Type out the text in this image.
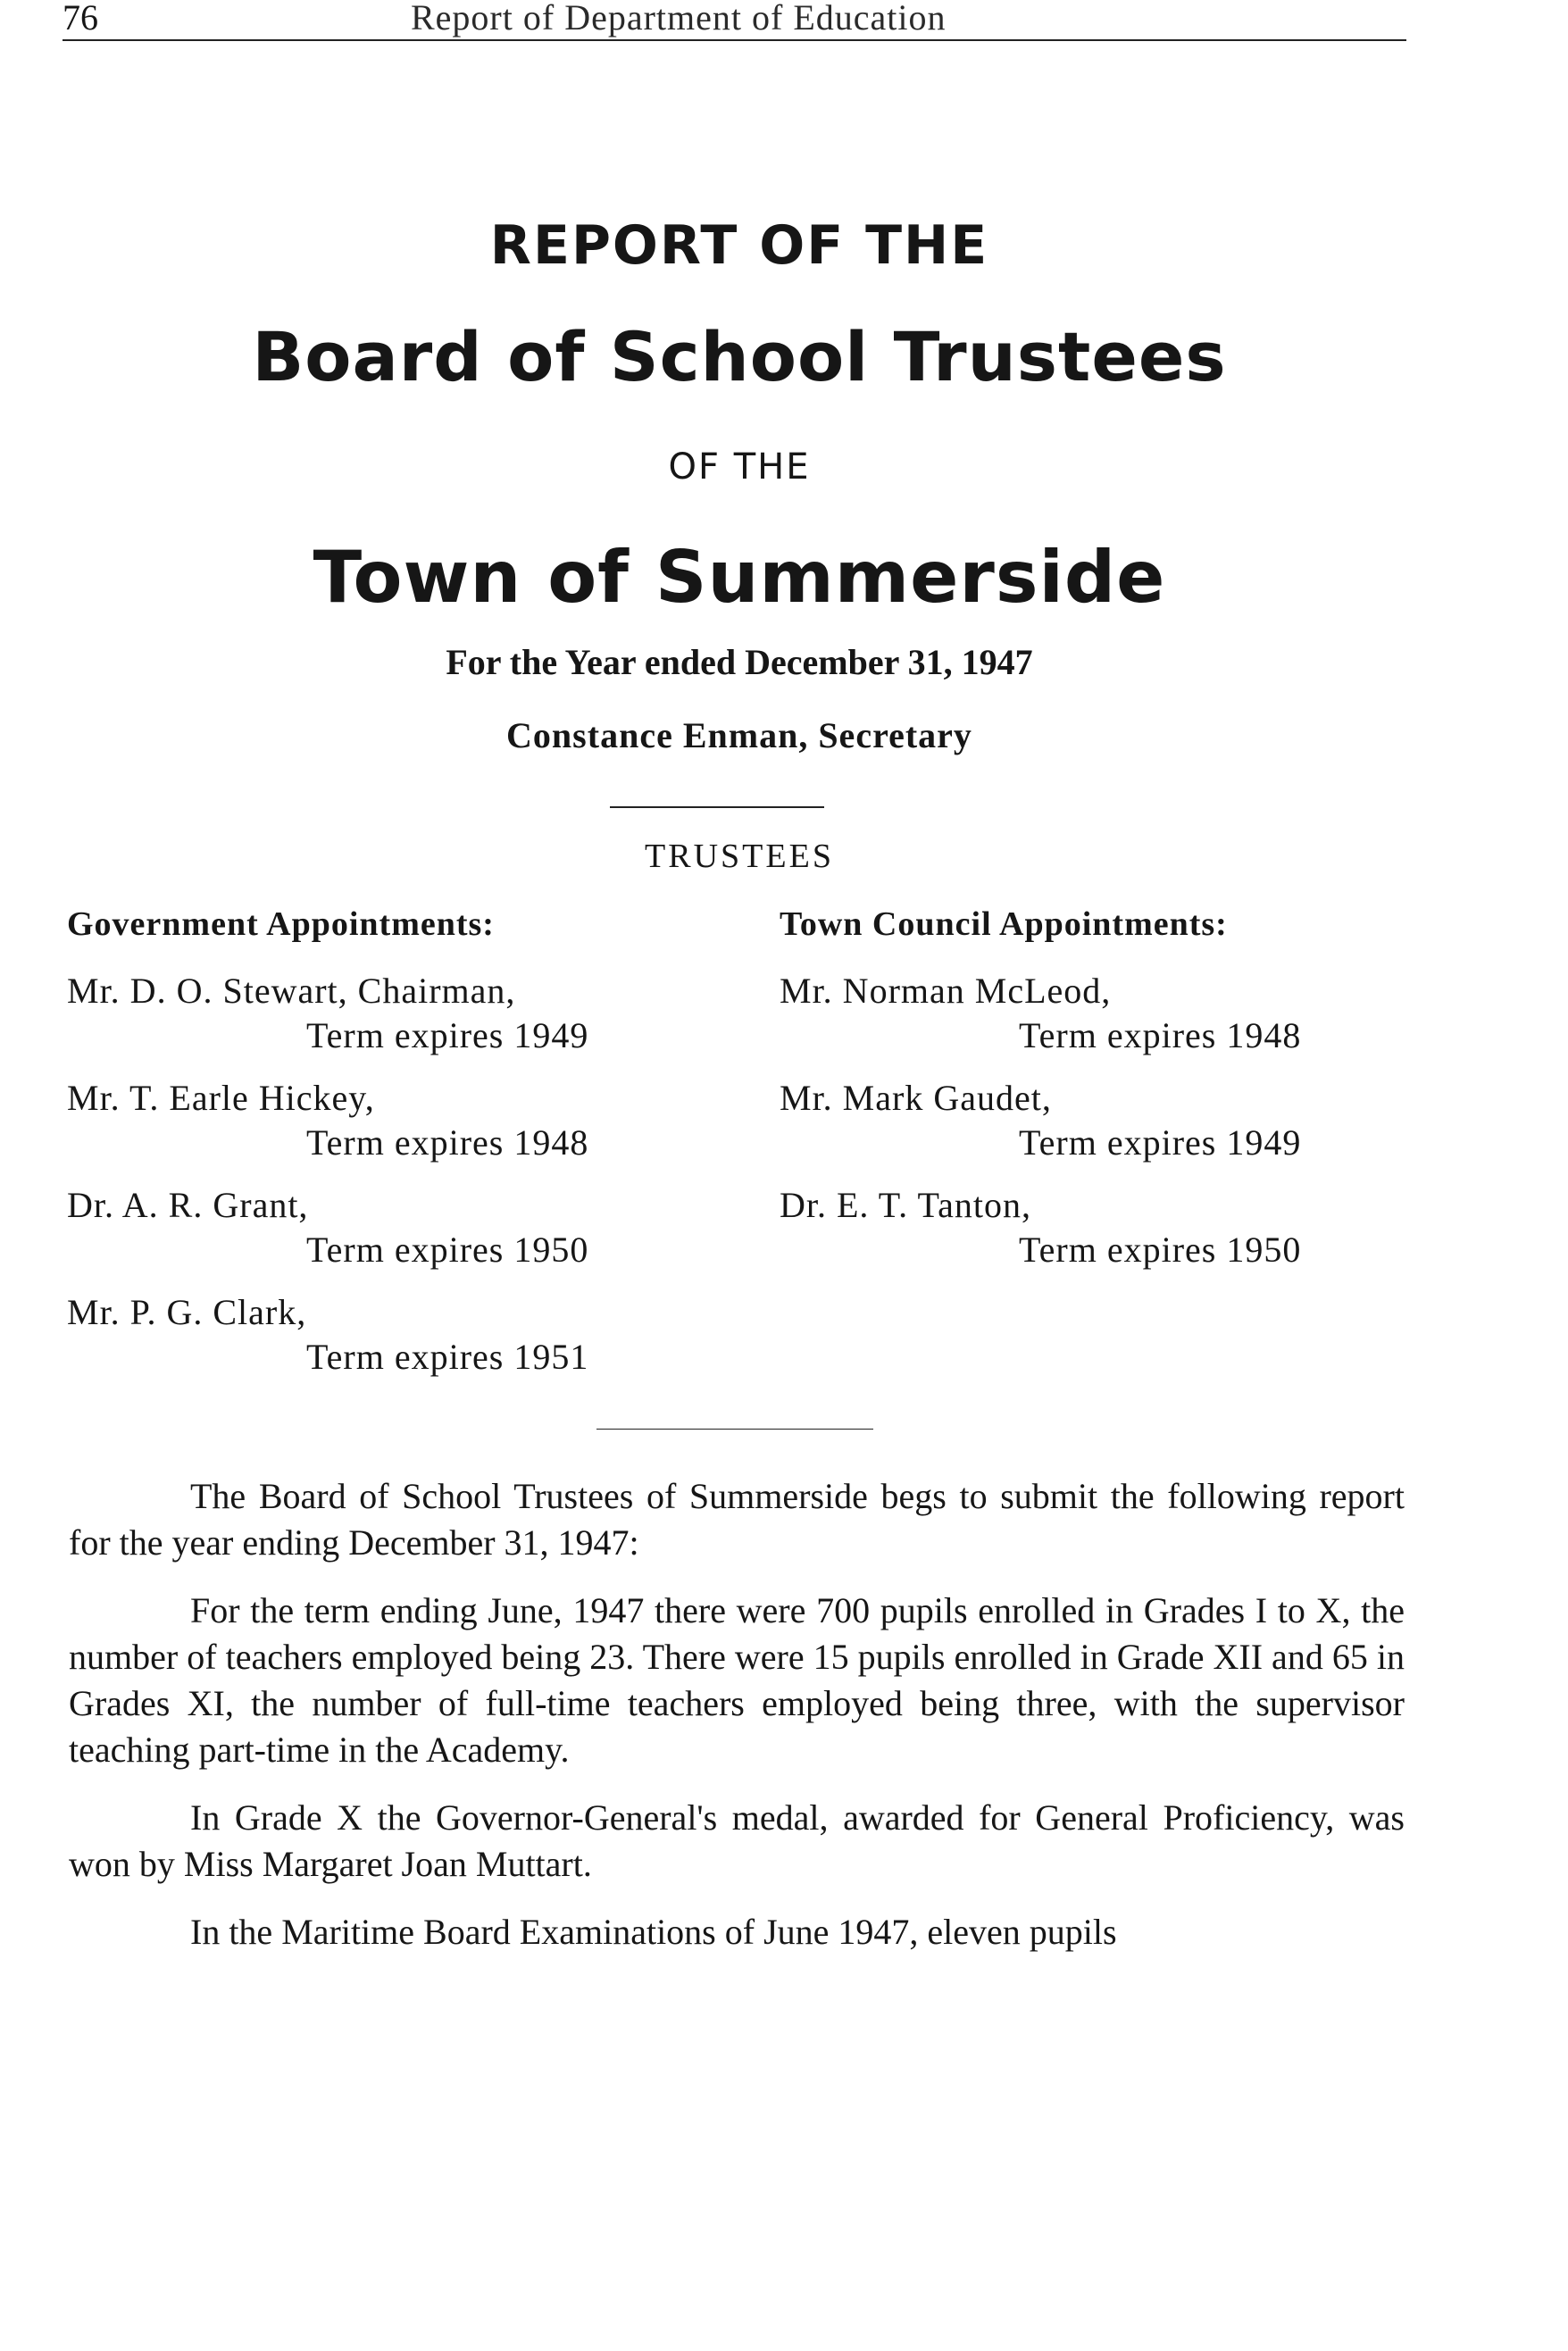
76	Report of Department of Education
REPORT OF THE
Board of School Trustees
OF THE
Town of Summerside
For the Year ended December 31, 1947
Constance Enman, Secretary
TRUSTEES
Government Appointments:
Mr. D. O. Stewart, Chairman,
Term expires 1949
Mr. T. Earle Hickey,
Term expires 1948
Dr. A. R. Grant,
Term expires 1950
Mr. P. G. Clark,
Term expires 1951
Town Council Appointments:
Mr. Norman McLeod,
Term expires 1948
Mr. Mark Gaudet,
Term expires 1949
Dr. E. T. Tanton,
Term expires 1950

The Board of School Trustees of Summerside begs to submit the following report for the year ending December 31, 1947:

For the term ending June, 1947 there were 700 pupils enrolled in Grades I to X, the number of teachers employed being 23. There were 15 pupils enrolled in Grade XII and 65 in Grades XI, the number of full-time teachers employed being three, with the supervisor teaching part-time in the Academy.

In Grade X the Governor-General's medal, awarded for General Proficiency, was won by Miss Margaret Joan Muttart.

In the Maritime Board Examinations of June 1947, eleven pupils
